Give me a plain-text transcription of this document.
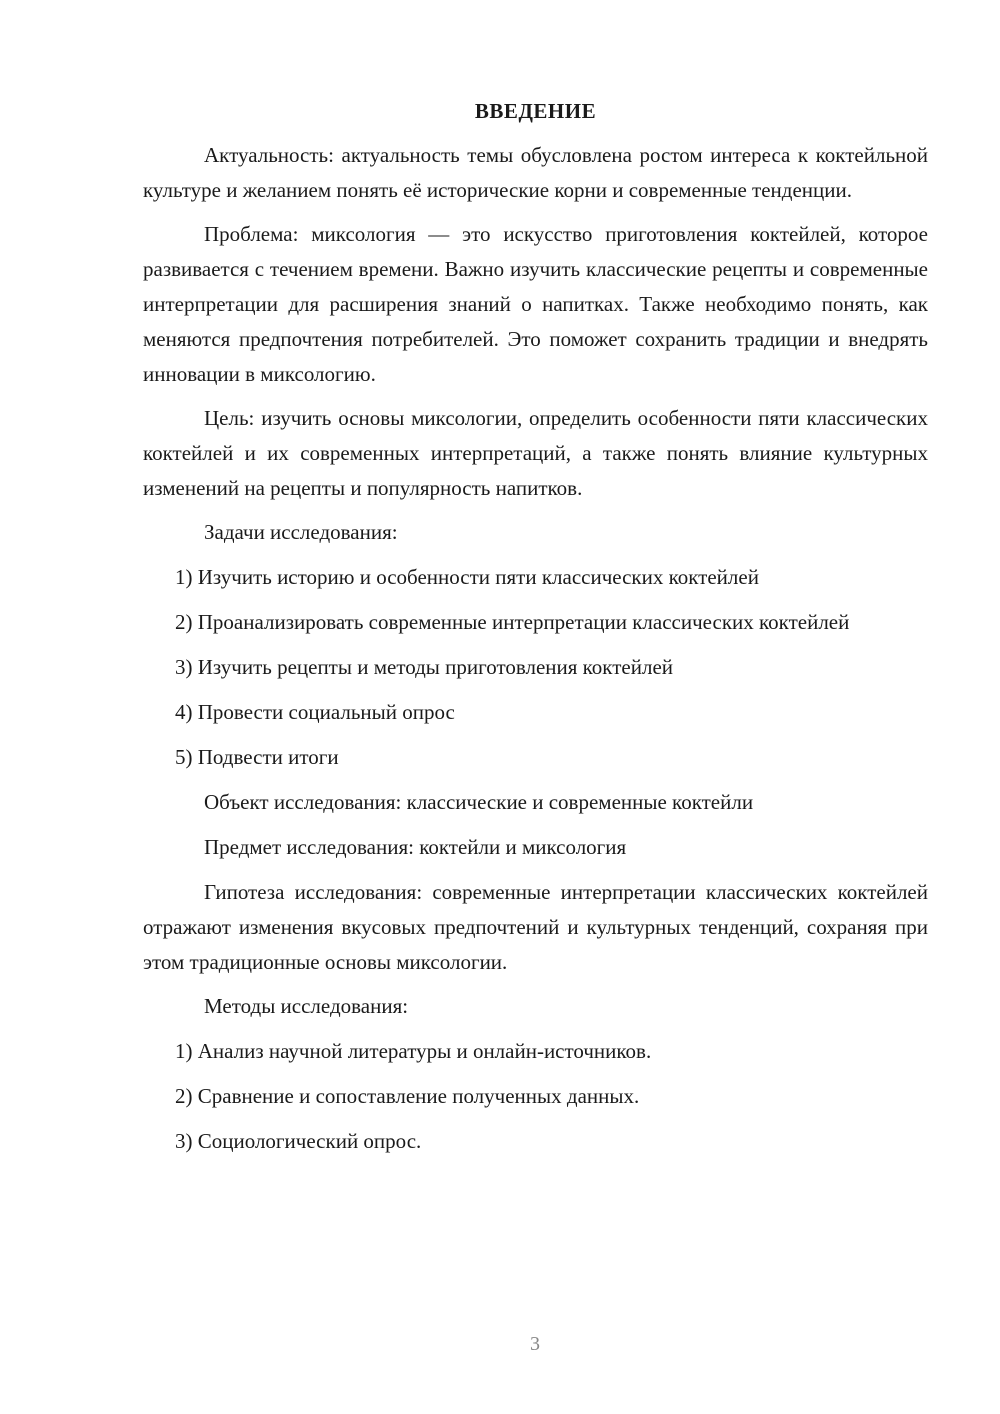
ВВЕДЕНИЕ

Актуальность: актуальность темы обусловлена ростом интереса к коктейльной культуре и желанием понять её исторические корни и современные тенденции.

Проблема: миксология — это искусство приготовления коктейлей, которое развивается с течением времени. Важно изучить классические рецепты и современные интерпретации для расширения знаний о напитках. Также необходимо понять, как меняются предпочтения потребителей. Это поможет сохранить традиции и внедрять инновации в миксологию.

Цель: изучить основы миксологии, определить особенности пяти классических коктейлей и их современных интерпретаций, а также понять влияние культурных изменений на рецепты и популярность напитков.

Задачи исследования:

1) Изучить историю и особенности пяти классических коктейлей

2) Проанализировать современные интерпретации классических коктейлей

3) Изучить рецепты и методы приготовления коктейлей

4) Провести социальный опрос

5) Подвести итоги

Объект исследования: классические и современные коктейли

Предмет исследования: коктейли и миксология

Гипотеза исследования: современные интерпретации классических коктейлей отражают изменения вкусовых предпочтений и культурных тенденций, сохраняя при этом традиционные основы миксологии.

Методы исследования:

1) Анализ научной литературы и онлайн-источников.

2) Сравнение и сопоставление полученных данных.

3) Социологический опрос.

3
